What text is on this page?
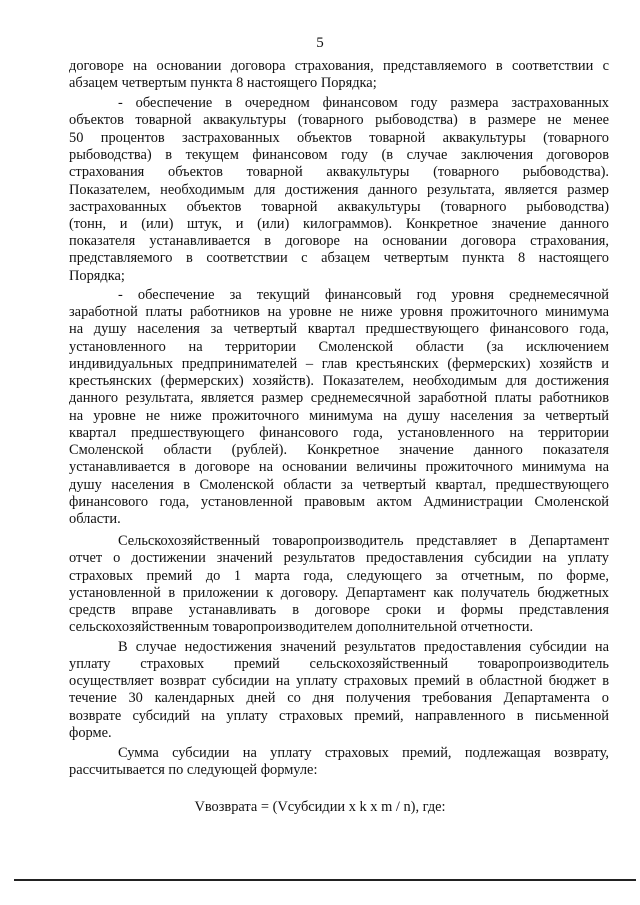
5
договоре на основании договора страхования, представляемого в соответствии с
абзацем четвертым пункта 8 настоящего Порядка;
- обеспечение в очередном финансовом году размера застрахованных
объектов товарной аквакультуры (товарного рыбоводства) в размере не менее
50 процентов застрахованных объектов товарной аквакультуры (товарного
рыбоводства) в текущем финансовом году (в случае заключения договоров
страхования объектов товарной аквакультуры (товарного рыбоводства).
Показателем, необходимым для достижения данного результата, является размер
застрахованных объектов товарной аквакультуры (товарного рыбоводства)
(тонн, и (или) штук, и (или) килограммов). Конкретное значение данного
показателя устанавливается в договоре на основании договора страхования,
представляемого в соответствии с абзацем четвертым пункта 8 настоящего
Порядка;
- обеспечение за текущий финансовый год уровня среднемесячной
заработной платы работников на уровне не ниже уровня прожиточного минимума
на душу населения за четвертый квартал предшествующего финансового года,
установленного на территории Смоленской области (за исключением
индивидуальных предпринимателей – глав крестьянских (фермерских) хозяйств и
крестьянских (фермерских) хозяйств). Показателем, необходимым для достижения
данного результата, является размер среднемесячной заработной платы работников
на уровне не ниже прожиточного минимума на душу населения за четвертый
квартал предшествующего финансового года, установленного на территории
Смоленской области (рублей). Конкретное значение данного показателя
устанавливается в договоре на основании величины прожиточного минимума на
душу населения в Смоленской области за четвертый квартал, предшествующего
финансового года, установленной правовым актом Администрации Смоленской
области.
Сельскохозяйственный товаропроизводитель представляет в Департамент
отчет о достижении значений результатов предоставления субсидии на уплату
страховых премий до 1 марта года, следующего за отчетным, по форме,
установленной в приложении к договору. Департамент как получатель бюджетных
средств вправе устанавливать в договоре сроки и формы представления
сельскохозяйственным товаропроизводителем дополнительной отчетности.
В случае недостижения значений результатов предоставления субсидии на
уплату страховых премий сельскохозяйственный товаропроизводитель
осуществляет возврат субсидии на уплату страховых премий в областной бюджет в
течение 30 календарных дней со дня получения требования Департамента о
возврате субсидий на уплату страховых премий, направленного в письменной
форме.
Сумма субсидии на уплату страховых премий, подлежащая возврату,
рассчитывается по следующей формуле:
Vвозврата = (Vсубсидии x k x m / n), где:
